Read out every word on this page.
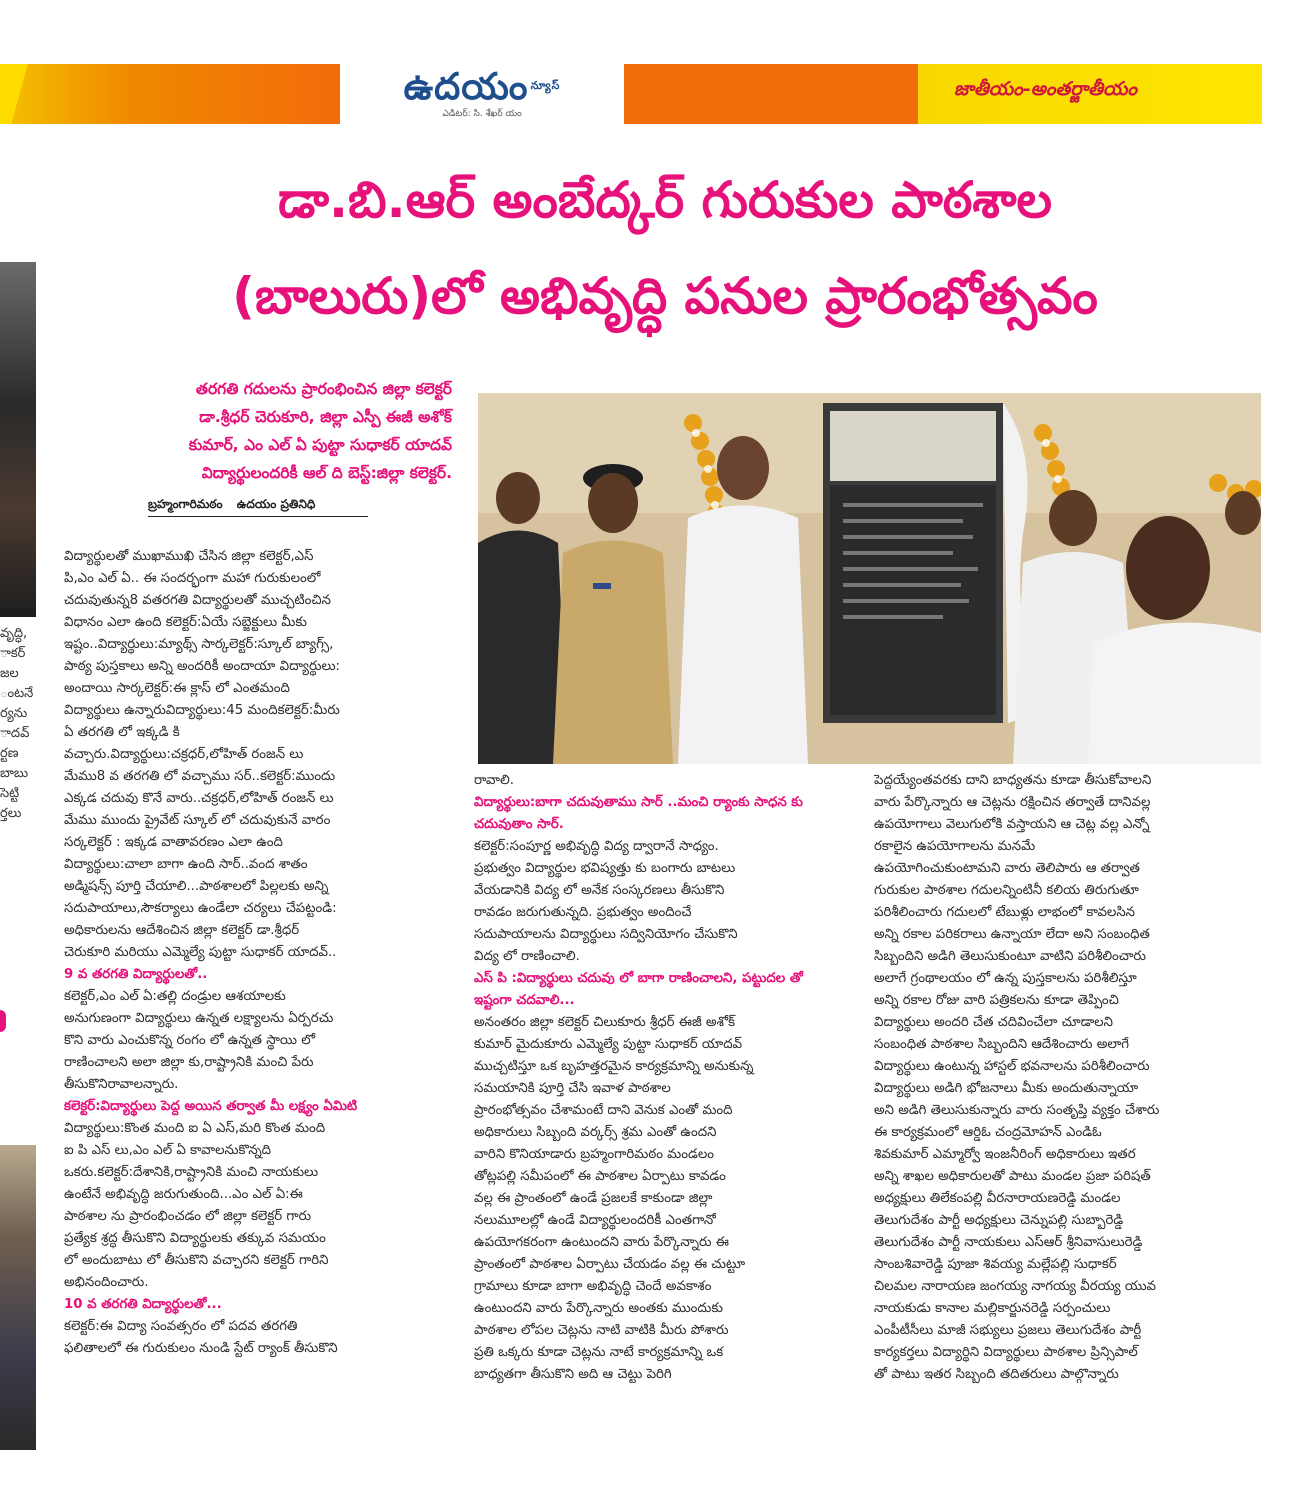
ఉదయం $^{న్యూస్}$
ఎడిటర్: సి. శేఖర్ యం
జాతీయం-అంతర్జాతీయం
డా.బి.ఆర్ అంబేద్కర్ గురుకుల పాఠశాల
(బాలురు)లో అభివృద్ధి పనుల ప్రారంభోత్సవం
వృద్ధి,
ాకర్
జల
ంటనే
ర్యను
ాదవ్
ర్టణ
బాబు
సెట్టి
ర్తలు
తరగతి గదులను ప్రారంభించిన జిల్లా కలెక్టర్
డా.శ్రీధర్ చెరుకూరి, జిల్లా ఎస్పీ ఈజీ అశోక్
కుమార్, ఎం ఎల్ ఏ పుట్టా సుధాకర్ యాదవ్
విద్యార్థులందరికీ ఆల్ ది బెస్ట్:జిల్లా కలెక్టర్.
బ్రహ్మంగారిమఠం ఉదయం ప్రతినిధి
విద్యార్థులతో ముఖాముఖి చేసిన జిల్లా కలెక్టర్,ఎస్
పి,ఎం ఎల్ ఏ.. ఈ సందర్భంగా మహా గురుకులంలో
చదువుతున్న8 వతరగతి విద్యార్థులతో ముచ్చటించిన
విధానం ఎలా ఉంది కలెక్టర్:ఏయే సబ్జెక్టులు మీకు
ఇష్టం..విద్యార్థులు:మ్యాథ్స్ సార్కలెక్టర్:స్కూల్ బ్యాగ్స్,
పాఠ్య పుస్తకాలు అన్ని అందరికీ అందాయా విద్యార్థులు:
అందాయి సార్కలెక్టర్:ఈ క్లాస్ లో ఎంతమంది
విద్యార్థులు ఉన్నారువిద్యార్థులు:45 మందికలెక్టర్:మీరు
ఏ తరగతి లో ఇక్కడి కి
వచ్చారు.విద్యార్థులు:చక్రధర్,లోహిత్ రంజన్ లు
మేము8 వ తరగతి లో వచ్చాము సర్..కలెక్టర్:ముందు
ఎక్కడ చదువు కొనే వారు..చక్రధర్,లోహిత్ రంజన్ లు
మేము ముందు ప్రైవేట్ స్కూల్ లో చదువుకునే వారం
సర్కలెక్టర్ : ఇక్కడ వాతావరణం ఎలా ఉంది
విద్యార్థులు:చాలా బాగా ఉంది సార్..వంద శాతం
అడ్మిషన్స్ పూర్తి చేయాలి...పాఠశాలలో పిల్లలకు అన్ని
సదుపాయాలు,సౌకర్యాలు ఉండేలా చర్యలు చేపట్టండి:
అధికారులను ఆదేశించిన జిల్లా కలెక్టర్ డా.శ్రీధర్
చెరుకూరి మరియు ఎమ్మెల్యే పుట్టా సుధాకర్ యాదవ్..
9 వ తరగతి విద్యార్థులతో..
కలెక్టర్,ఎం ఎల్ ఏ:తల్లి దండ్రుల ఆశయాలకు
అనుగుణంగా విద్యార్థులు ఉన్నత లక్ష్యాలను ఏర్పరచు
కొని వారు ఎంచుకొన్న రంగం లో ఉన్నత స్థాయి లో
రాణించాలని అలా జిల్లా కు,రాష్ట్రానికి మంచి పేరు
తీసుకొనిరావాలన్నారు.
కలెక్టర్:విద్యార్థులు పెద్ద అయిన తర్వాత మీ లక్ష్యం ఏమిటి
విద్యార్థులు:కొంత మంది ఐ ఏ ఎస్,మరి కొంత మంది
ఐ పి ఎస్ లు,ఎం ఎల్ ఏ కావాలనుకొన్నది
ఒకరు.కలెక్టర్:దేశానికి,రాష్ట్రానికి మంచి నాయకులు
ఉంటేనే అభివృద్ధి జరుగుతుంది...ఎం ఎల్ ఏ:ఈ
పాఠశాల ను ప్రారంభించడం లో జిల్లా కలెక్టర్ గారు
ప్రత్యేక శ్రద్ధ తీసుకొని విద్యార్థులకు తక్కువ సమయం
లో అందుబాటు లో తీసుకొని వచ్చారని కలెక్టర్ గారిని
అభినందించారు.
10 వ తరగతి విద్యార్థులతో...
కలెక్టర్:ఈ విద్యా సంవత్సరం లో పదవ తరగతి
ఫలితాలలో ఈ గురుకులం నుండి స్టేట్ ర్యాంక్ తీసుకొని
రావాలి.
విద్యార్థులు:బాగా చదువుతాము సార్ ..మంచి ర్యాంకు సాధన కు
చదువుతాం సార్.
కలెక్టర్:సంపూర్ణ అభివృద్ధి విద్య ద్వారానే సాధ్యం.
ప్రభుత్వం విద్యార్థుల భవిష్యత్తు కు బంగారు బాటలు
వేయడానికి విద్య లో అనేక సంస్కరణలు తీసుకొని
రావడం జరుగుతున్నది. ప్రభుత్వం అందించే
సదుపాయాలను విద్యార్థులు సద్వినియోగం చేసుకొని
విద్య లో రాణించాలి.
ఎస్ పి :విద్యార్థులు చదువు లో బాగా రాణించాలని, పట్టుదల తో
ఇష్టంగా చదవాలి...
అనంతరం జిల్లా కలెక్టర్ చిలుకూరు శ్రీధర్ ఈజీ అశోక్
కుమార్ మైదుకూరు ఎమ్మెల్యే పుట్టా సుధాకర్ యాదవ్
ముచ్చటిస్తూ ఒక బృహత్తరమైన కార్యక్రమాన్ని అనుకున్న
సమయానికి పూర్తి చేసి ఇవాళ పాఠశాల
ప్రారంభోత్సవం చేశామంటే దాని వెనుక ఎంతో మంది
అధికారులు సిబ్బంది వర్కర్స్ శ్రమ ఎంతో ఉందని
వారిని కొనియాడారు బ్రహ్మంగారిమఠం మండలం
తోట్లపల్లి సమీపంలో ఈ పాఠశాల ఏర్పాటు కావడం
వల్ల ఈ ప్రాంతంలో ఉండే ప్రజలకే కాకుండా జిల్లా
నలుమూలల్లో ఉండే విద్యార్థులందరికీ ఎంతగానో
ఉపయోగకరంగా ఉంటుందని వారు పేర్కొన్నారు ఈ
ప్రాంతంలో పాఠశాల ఏర్పాటు చేయడం వల్ల ఈ చుట్టూ
గ్రామాలు కూడా బాగా అభివృద్ధి చెందే అవకాశం
ఉంటుందని వారు పేర్కొన్నారు అంతకు ముందుకు
పాఠశాల లోపల చెట్లను నాటి వాటికి మీరు పోశారు
ప్రతి ఒక్కరు కూడా చెట్లను నాటే కార్యక్రమాన్ని ఒక
బాధ్యతగా తీసుకొని అది ఆ చెట్టు పెరిగి
పెద్దయ్యేంతవరకు దాని బాధ్యతను కూడా తీసుకోవాలని
వారు పేర్కొన్నారు ఆ చెట్లను రక్షించిన తర్వాతే దానివల్ల
ఉపయోగాలు వెలుగులోకి వస్తాయని ఆ చెట్ల వల్ల ఎన్నో
రకాలైన ఉపయోగాలను మనమే
ఉపయోగించుకుంటామని వారు తెలిపారు ఆ తర్వాత
గురుకుల పాఠశాల గదులన్నింటినీ కలియ తిరుగుతూ
పరిశీలించారు గదులలో టేబుళ్లు లాభంలో కావలసిన
అన్ని రకాల పరికరాలు ఉన్నాయా లేదా అని సంబంధిత
సిబ్బందిని అడిగి తెలుసుకుంటూ వాటిని పరిశీలించారు
అలాగే గ్రంథాలయం లో ఉన్న పుస్తకాలను పరిశీలిస్తూ
అన్ని రకాల రోజు వారి పత్రికలను కూడా తెప్పించి
విద్యార్థులు అందరి చేత చదివించేలా చూడాలని
సంబంధిత పాఠశాల సిబ్బందిని ఆదేశించారు అలాగే
విద్యార్థులు ఉంటున్న హాస్టల్ భవనాలను పరిశీలించారు
విద్యార్థులు అడిగి భోజనాలు మీకు అందుతున్నాయా
అని అడిగి తెలుసుకున్నారు వారు సంతృప్తి వ్యక్తం చేశారు
ఈ కార్యక్రమంలో ఆర్డిఓ చంద్రమోహన్ ఎండిఓ
శివకుమార్ ఎమ్మార్వో ఇంజనీరింగ్ అధికారులు ఇతర
అన్ని శాఖల అధికారులతో పాటు మండల ప్రజా పరిషత్
అధ్యక్షులు తిలేకంపల్లి వీరనారాయణరెడ్డి మండల
తెలుగుదేశం పార్టీ అధ్యక్షులు చెన్నుపల్లి సుబ్బారెడ్డి
తెలుగుదేశం పార్టీ నాయకులు ఎస్ఆర్ శ్రీనివాసులురెడ్డి
సాంబశివారెడ్డి పూజా శివయ్య మల్లేపల్లి సుధాకర్
చిలమల నారాయణ జంగయ్య నాగయ్య వీరయ్య యువ
నాయకుడు కానాల మల్లికార్జునరెడ్డి సర్పంచులు
ఎంపీటీసీలు మాజీ సభ్యులు ప్రజలు తెలుగుదేశం పార్టీ
కార్యకర్తలు విద్యార్థిని విద్యార్థులు పాఠశాల ప్రిన్సిపాల్
తో పాటు ఇతర సిబ్బంది తదితరులు పాల్గొన్నారు
